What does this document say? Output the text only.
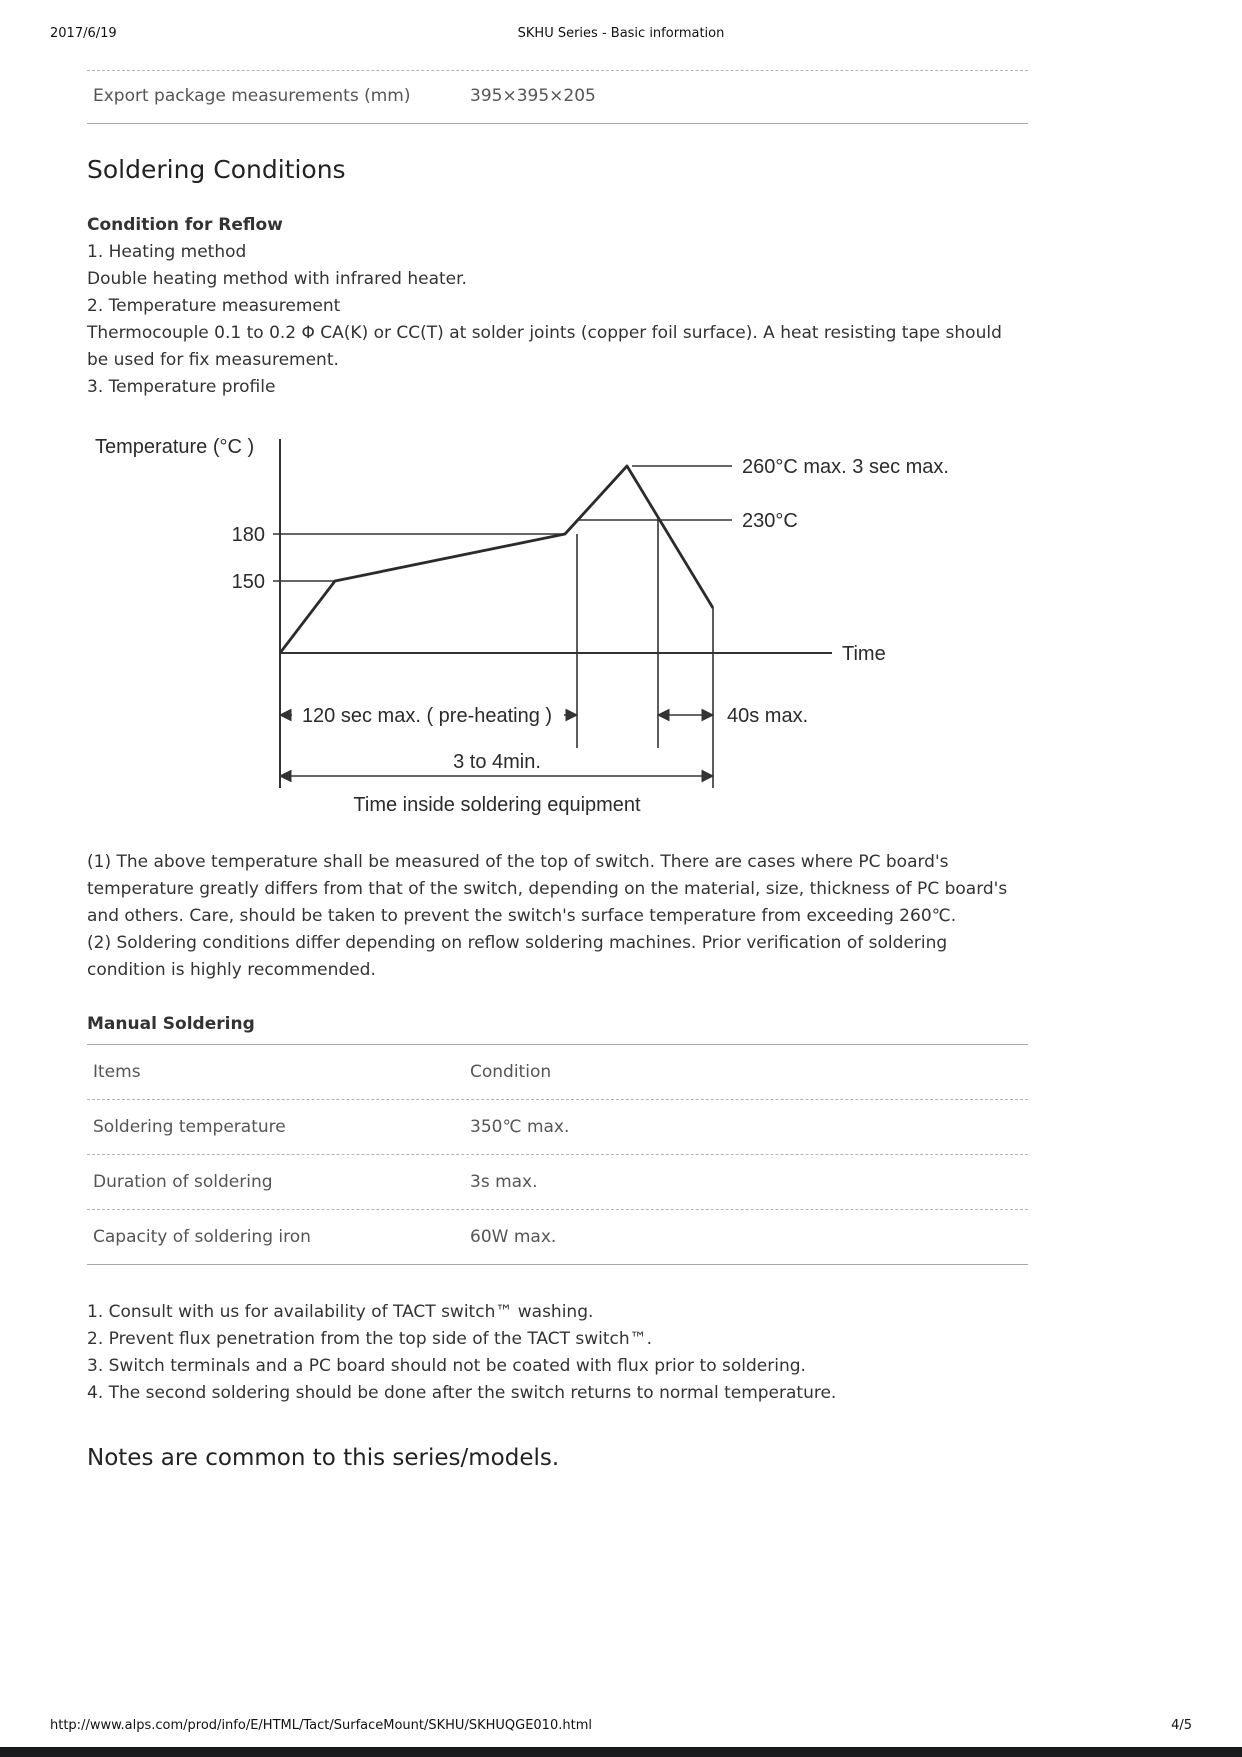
2017/6/19	SKHU Series - Basic information
Export package measurements (mm)	395×395×205
Soldering Conditions
Condition for Reflow

1. Heating method

Double heating method with infrared heater.

2. Temperature measurement

Thermocouple 0.1 to 0.2 Φ CA(K) or CC(T) at solder joints (copper foil surface). A heat resisting tape should be used for fix measurement.

3. Temperature profile

Temperature (°C )
180
150
260°C max. 3 sec max.
230°C
Time
120 sec max. ( pre-heating )	40s max.
3 to 4min.
Time inside soldering equipment

(1) The above temperature shall be measured of the top of switch. There are cases where PC board's temperature greatly differs from that of the switch, depending on the material, size, thickness of PC board's and others. Care, should be taken to prevent the switch's surface temperature from exceeding 260℃.

(2) Soldering conditions differ depending on reflow soldering machines. Prior verification of soldering condition is highly recommended.

Manual Soldering
Items	Condition
Soldering temperature	350℃ max.
Duration of soldering	3s max.
Capacity of soldering iron	60W max.

1. Consult with us for availability of TACT switch™ washing.

2. Prevent flux penetration from the top side of the TACT switch™.

3. Switch terminals and a PC board should not be coated with flux prior to soldering.

4. The second soldering should be done after the switch returns to normal temperature.

Notes are common to this series/models.
http://www.alps.com/prod/info/E/HTML/Tact/SurfaceMount/SKHU/SKHUQGE010.html	4/5
